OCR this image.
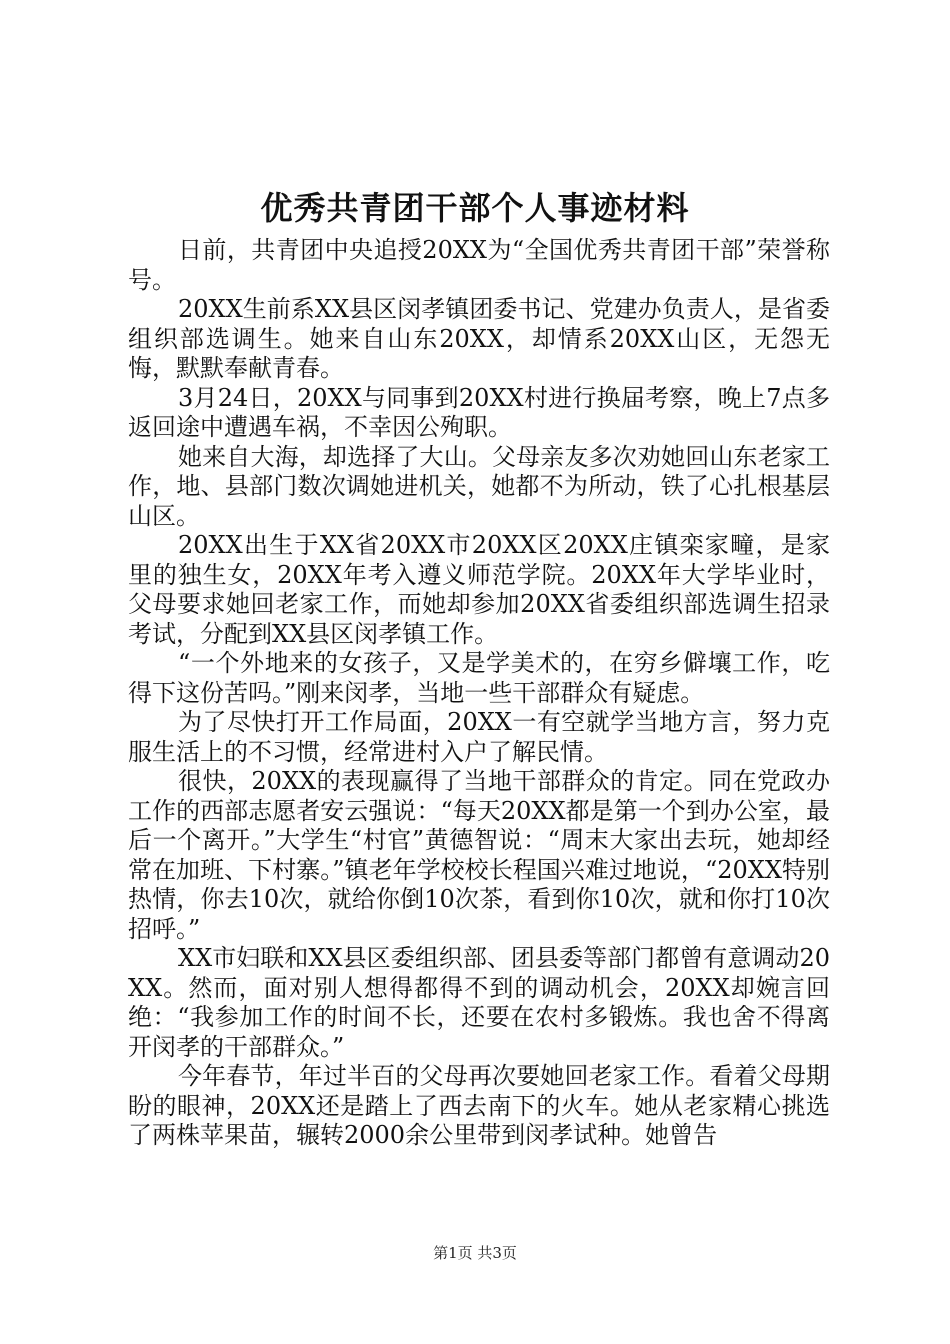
优秀共青团干部个人事迹材料

日前，共青团中央追授20XX为“全国优秀共青团干部”荣誉称号。

20XX生前系XX县区闵孝镇团委书记、党建办负责人，是省委组织部选调生。她来自山东20XX，却情系20XX山区，无怨无悔，默默奉献青春。

3月24日，20XX与同事到20XX村进行换届考察，晚上7点多返回途中遭遇车祸，不幸因公殉职。

她来自大海，却选择了大山。父母亲友多次劝她回山东老家工作，地、县部门数次调她进机关，她都不为所动，铁了心扎根基层山区。

20XX出生于XX省20XX市20XX区20XX庄镇栾家疃，是家里的独生女，20XX年考入遵义师范学院。20XX年大学毕业时，父母要求她回老家工作，而她却参加20XX省委组织部选调生招录考试，分配到XX县区闵孝镇工作。

“一个外地来的女孩子，又是学美术的，在穷乡僻壤工作，吃得下这份苦吗。”刚来闵孝，当地一些干部群众有疑虑。

为了尽快打开工作局面，20XX一有空就学当地方言，努力克服生活上的不习惯，经常进村入户了解民情。

很快，20XX的表现赢得了当地干部群众的肯定。同在党政办工作的西部志愿者安云强说：“每天20XX都是第一个到办公室，最后一个离开。”大学生“村官”黄德智说：“周末大家出去玩，她却经常在加班、下村寨。”镇老年学校校长程国兴难过地说，“20XX特别热情，你去10次，就给你倒10次茶，看到你10次，就和你打10次招呼。”

XX市妇联和XX县区委组织部、团县委等部门都曾有意调动20XX。然而，面对别人想得都得不到的调动机会，20XX却婉言回绝：“我参加工作的时间不长，还要在农村多锻炼。我也舍不得离开闵孝的干部群众。”

今年春节，年过半百的父母再次要她回老家工作。看着父母期盼的眼神，20XX还是踏上了西去南下的火车。她从老家精心挑选了两株苹果苗，辗转2000余公里带到闵孝试种。她曾告

第1页 共3页
